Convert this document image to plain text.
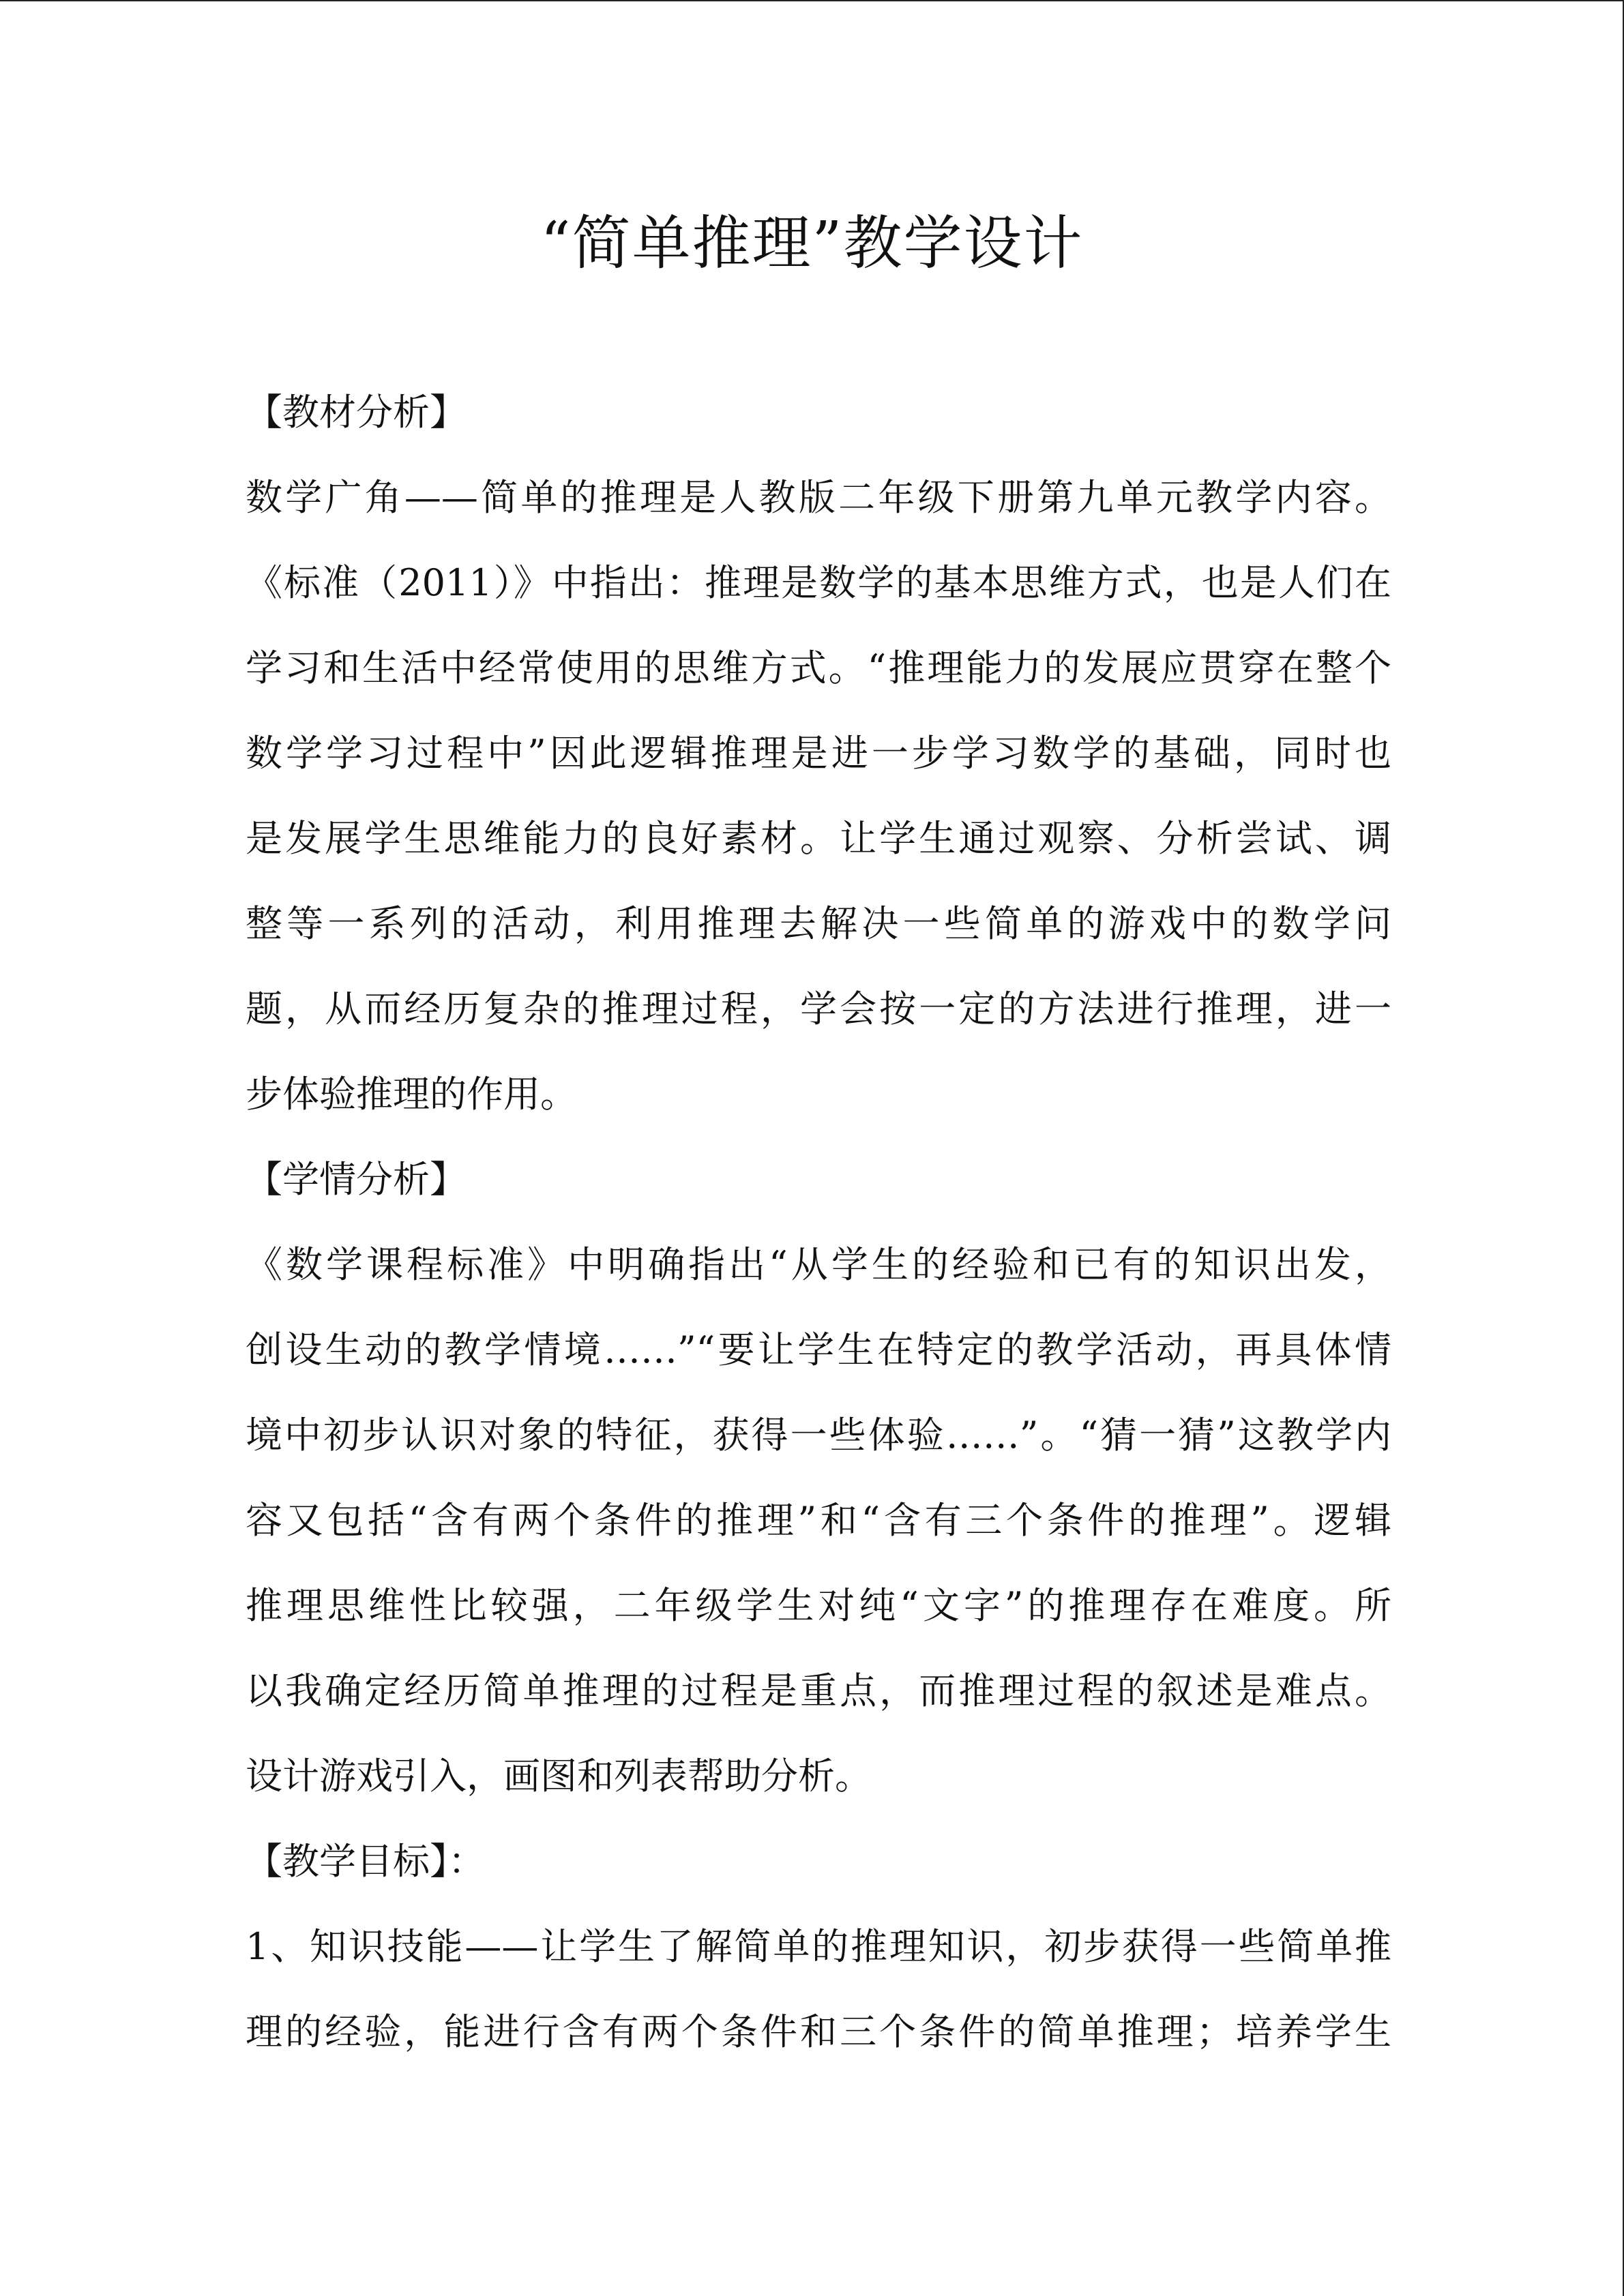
“简单推理”教学设计
【教材分析】
数学广角——简单的推理是人教版二年级下册第九单元教学内容。
《标准（2011）》中指出：推理是数学的基本思维方式，也是人们在
学习和生活中经常使用的思维方式。“推理能力的发展应贯穿在整个
数学学习过程中”因此逻辑推理是进一步学习数学的基础，同时也
是发展学生思维能力的良好素材。让学生通过观察、分析尝试、调
整等一系列的活动，利用推理去解决一些简单的游戏中的数学问
题，从而经历复杂的推理过程，学会按一定的方法进行推理，进一
步体验推理的作用。
【学情分析】
《数学课程标准》中明确指出“从学生的经验和已有的知识出发，
创设生动的教学情境……”“要让学生在特定的教学活动，再具体情
境中初步认识对象的特征，获得一些体验……”。“猜一猜”这教学内
容又包括“含有两个条件的推理”和“含有三个条件的推理”。逻辑
推理思维性比较强，二年级学生对纯“文字”的推理存在难度。所
以我确定经历简单推理的过程是重点，而推理过程的叙述是难点。
设计游戏引入，画图和列表帮助分析。
【教学目标】：
1、知识技能——让学生了解简单的推理知识，初步获得一些简单推
理的经验，能进行含有两个条件和三个条件的简单推理；培养学生
